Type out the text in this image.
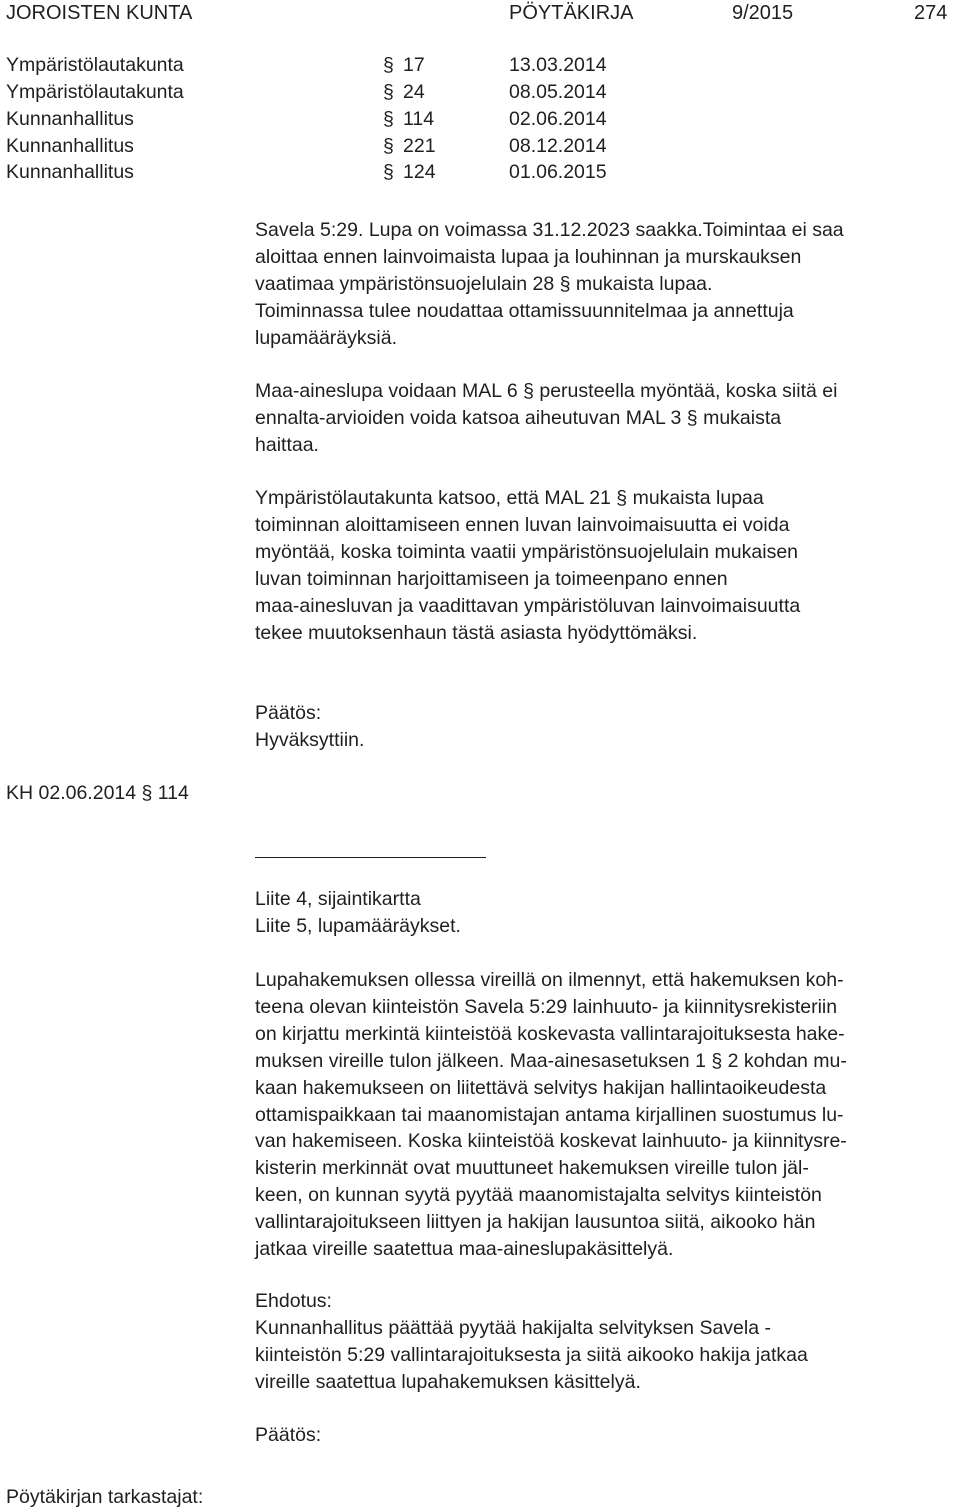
JOROISTEN KUNTA	PÖYTÄKIRJA	9/2015	274
Ympäristölautakunta	§ 17	13.03.2014
Ympäristölautakunta	§ 24	08.05.2014
Kunnanhallitus	§ 114	02.06.2014
Kunnanhallitus	§ 221	08.12.2014
Kunnanhallitus	§ 124	01.06.2015
Savela 5:29. Lupa on voimassa 31.12.2023 saakka.Toimintaa ei saa
aloittaa ennen lainvoimaista lupaa ja louhinnan ja murskauksen
vaatimaa ympäristönsuojelulain 28 § mukaista lupaa.
Toiminnassa tulee noudattaa ottamissuunnitelmaa ja annettuja
lupamääräyksiä.
Maa-aineslupa voidaan MAL 6 § perusteella myöntää, koska siitä ei
ennalta-arvioiden voida katsoa aiheutuvan MAL 3 § mukaista
haittaa.
Ympäristölautakunta katsoo, että MAL 21 § mukaista lupaa
toiminnan aloittamiseen ennen luvan lainvoimaisuutta ei voida
myöntää, koska toiminta vaatii ympäristönsuojelulain mukaisen
luvan toiminnan harjoittamiseen ja toimeenpano ennen
maa-ainesluvan ja vaadittavan ympäristöluvan lainvoimaisuutta
tekee muutoksenhaun tästä asiasta hyödyttömäksi.
Päätös:
Hyväksyttiin.
KH 02.06.2014 § 114
Liite 4, sijaintikartta
Liite 5, lupamääräykset.
Lupahakemuksen ollessa vireillä on ilmennyt, että hakemuksen koh-
teena olevan kiinteistön Savela 5:29 lainhuuto- ja kiinnitysrekisteriin
on kirjattu merkintä kiinteistöä koskevasta vallintarajoituksesta hake-
muksen vireille tulon jälkeen. Maa-ainesasetuksen 1 § 2 kohdan mu-
kaan hakemukseen on liitettävä selvitys hakijan hallintaoikeudesta
ottamispaikkaan tai maanomistajan antama kirjallinen suostumus lu-
van hakemiseen. Koska kiinteistöä koskevat lainhuuto- ja kiinnitysre-
kisterin merkinnät ovat muuttuneet hakemuksen vireille tulon jäl-
keen, on kunnan syytä pyytää maanomistajalta selvitys kiinteistön
vallintarajoitukseen liittyen ja hakijan lausuntoa siitä, aikooko hän
jatkaa vireille saatettua maa-aineslupakäsittelyä.
Ehdotus:
Kunnanhallitus päättää pyytää hakijalta selvityksen Savela -
kiinteistön 5:29 vallintarajoituksesta ja siitä aikooko hakija jatkaa
vireille saatettua lupahakemuksen käsittelyä.
Päätös:
Pöytäkirjan tarkastajat:
